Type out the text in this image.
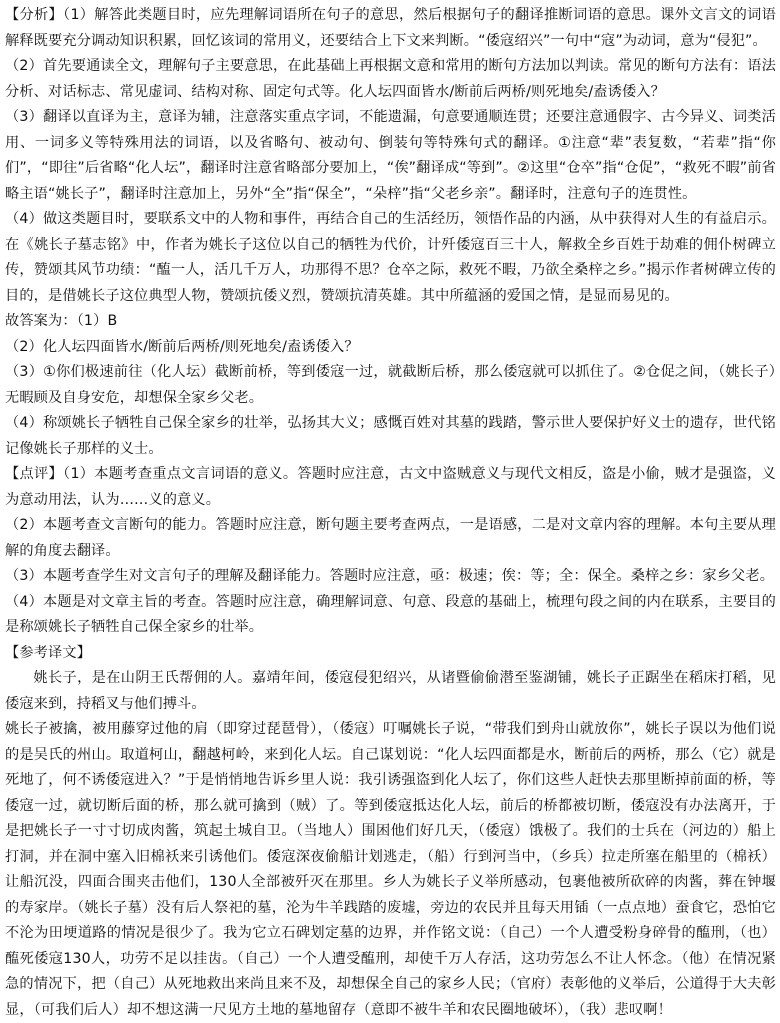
【分析】（1）解答此类题目时，应先理解词语所在句子的意思，然后根据句子的翻译推断词语的意思。课外文言文的词语解释既要充分调动知识积累，回忆该词的常用义，还要结合上下文来判断。“倭寇绍兴”一句中“寇”为动词，意为“侵犯”。

（2）首先要通读全文，理解句子主要意思，在此基础上再根据文意和常用的断句方法加以判读。常见的断句方法有：语法分析、对话标志、常见虚词、结构对称、固定句式等。化人坛四面皆水/断前后两桥/则死地矣/盍诱倭入？

（3）翻译以直译为主，意译为辅，注意落实重点字词，不能遗漏，句意要通顺连贯；还要注意通假字、古今异义、词类活用、一词多义等特殊用法的词语，以及省略句、被动句、倒装句等特殊句式的翻译。①注意“辈”表复数，“若辈”指“你们”，“即往”后省略“化人坛”，翻译时注意省略部分要加上，“俟”翻译成“等到”。②这里“仓卒”指“仓促”，“救死不暇”前省略主语“姚长子”，翻译时注意加上，另外“全”指“保全”，“朵梓”指“父老乡亲”。翻译时，注意句子的连贯性。

（4）做这类题目时，要联系文中的人物和事件，再结合自己的生活经历，领悟作品的内涵，从中获得对人生的有益启示。在《姚长子墓志铭》中，作者为姚长子这位以自己的牺牲为代价，计歼倭寇百三十人，解救全乡百姓于劫难的佣仆树碑立传，赞颂其风节功绩：“醢一人，活几千万人，功那得不思？仓卒之际，救死不暇，乃欲全桑梓之乡。”揭示作者树碑立传的目的，是借姚长子这位典型人物，赞颂抗倭义烈，赞颂抗清英雄。其中所蕴涵的爱国之情，是显而易见的。

故答案为：（1）B

（2）化人坛四面皆水/断前后两桥/则死地矣/盍诱倭入？

（3）①你们极速前往（化人坛）截断前桥，等到倭寇一过，就截断后桥，那么倭寇就可以抓住了。②仓促之间，（姚长子）无暇顾及自身安危，却想保全家乡父老。

（4）称颂姚长子牺牲自己保全家乡的壮举，弘扬其大义；感慨百姓对其墓的践踏，警示世人要保护好义士的遗存，世代铭记像姚长子那样的义士。

【点评】（1）本题考查重点文言词语的意义。答题时应注意，古文中盗贼意义与现代文相反，盗是小偷，贼才是强盗，义为意动用法，认为……义的意义。

（2）本题考查文言断句的能力。答题时应注意，断句题主要考查两点，一是语感，二是对文章内容的理解。本句主要从理解的角度去翻译。

（3）本题考查学生对文言句子的理解及翻译能力。答题时应注意，亟：极速；俟：等；全：保全。桑梓之乡：家乡父老。

（4）本题是对文章主旨的考查。答题时应注意，确理解词意、句意、段意的基础上，梳理句段之间的内在联系，主要目的是称颂姚长子牺牲自己保全家乡的壮举。

【参考译文】

姚长子，是在山阴王氏帮佣的人。嘉靖年间，倭寇侵犯绍兴，从诸暨偷偷潜至鉴湖铺，姚长子正踞坐在稻床打稻，见倭寇来到，持稻叉与他们搏斗。

姚长子被擒，被用藤穿过他的肩（即穿过琵琶骨），（倭寇）叮嘱姚长子说，“带我们到舟山就放你”，姚长子误以为他们说的是吴氏的州山。取道柯山，翻越柯岭，来到化人坛。自己谋划说：“化人坛四面都是水，断前后的两桥，那么（它）就是死地了，何不诱倭寇进入？”于是悄悄地告诉乡里人说：我引诱强盗到化人坛了，你们这些人赶快去那里断掉前面的桥，等倭寇一过，就切断后面的桥，那么就可擒到（贼）了。等到倭寇抵达化人坛，前后的桥都被切断，倭寇没有办法离开，于是把姚长子一寸寸切成肉酱，筑起土城自卫。（当地人）围困他们好几天，（倭寇）饿极了。我们的士兵在（河边的）船上打洞，并在洞中塞入旧棉袄来引诱他们。倭寇深夜偷船计划逃走，（船）行到河当中，（乡兵）拉走所塞在船里的（棉袄）让船沉没，四面合围夹击他们，130人全部被歼灭在那里。乡人为姚长子义举所感动，包裹他被所砍碎的肉酱，葬在钟堰的寿家岸。（姚长子墓）没有后人祭祀的墓，沦为牛羊践踏的废墟，旁边的农民并且每天用锸（一点点地）蚕食它，恐怕它不沦为田埂道路的情况是很少了。我为它立石碑划定墓的边界，并作铭文说：（自己）一个人遭受粉身碎骨的醢刑，（也）醢死倭寇130人，功劳不足以挂齿。（自己）一个人遭受醢刑，却使千万人存活，这功劳怎么不让人怀念。（他）在情况紧急的情况下，把（自己）从死地救出来尚且来不及，却想保全自己的家乡人民；（官府）表彰他的义举后，公道得于大夫彰显，（可我们后人）却不想这满一尺见方土地的墓地留存（意即不被牛羊和农民圈地破坏），（我）悲叹啊！
